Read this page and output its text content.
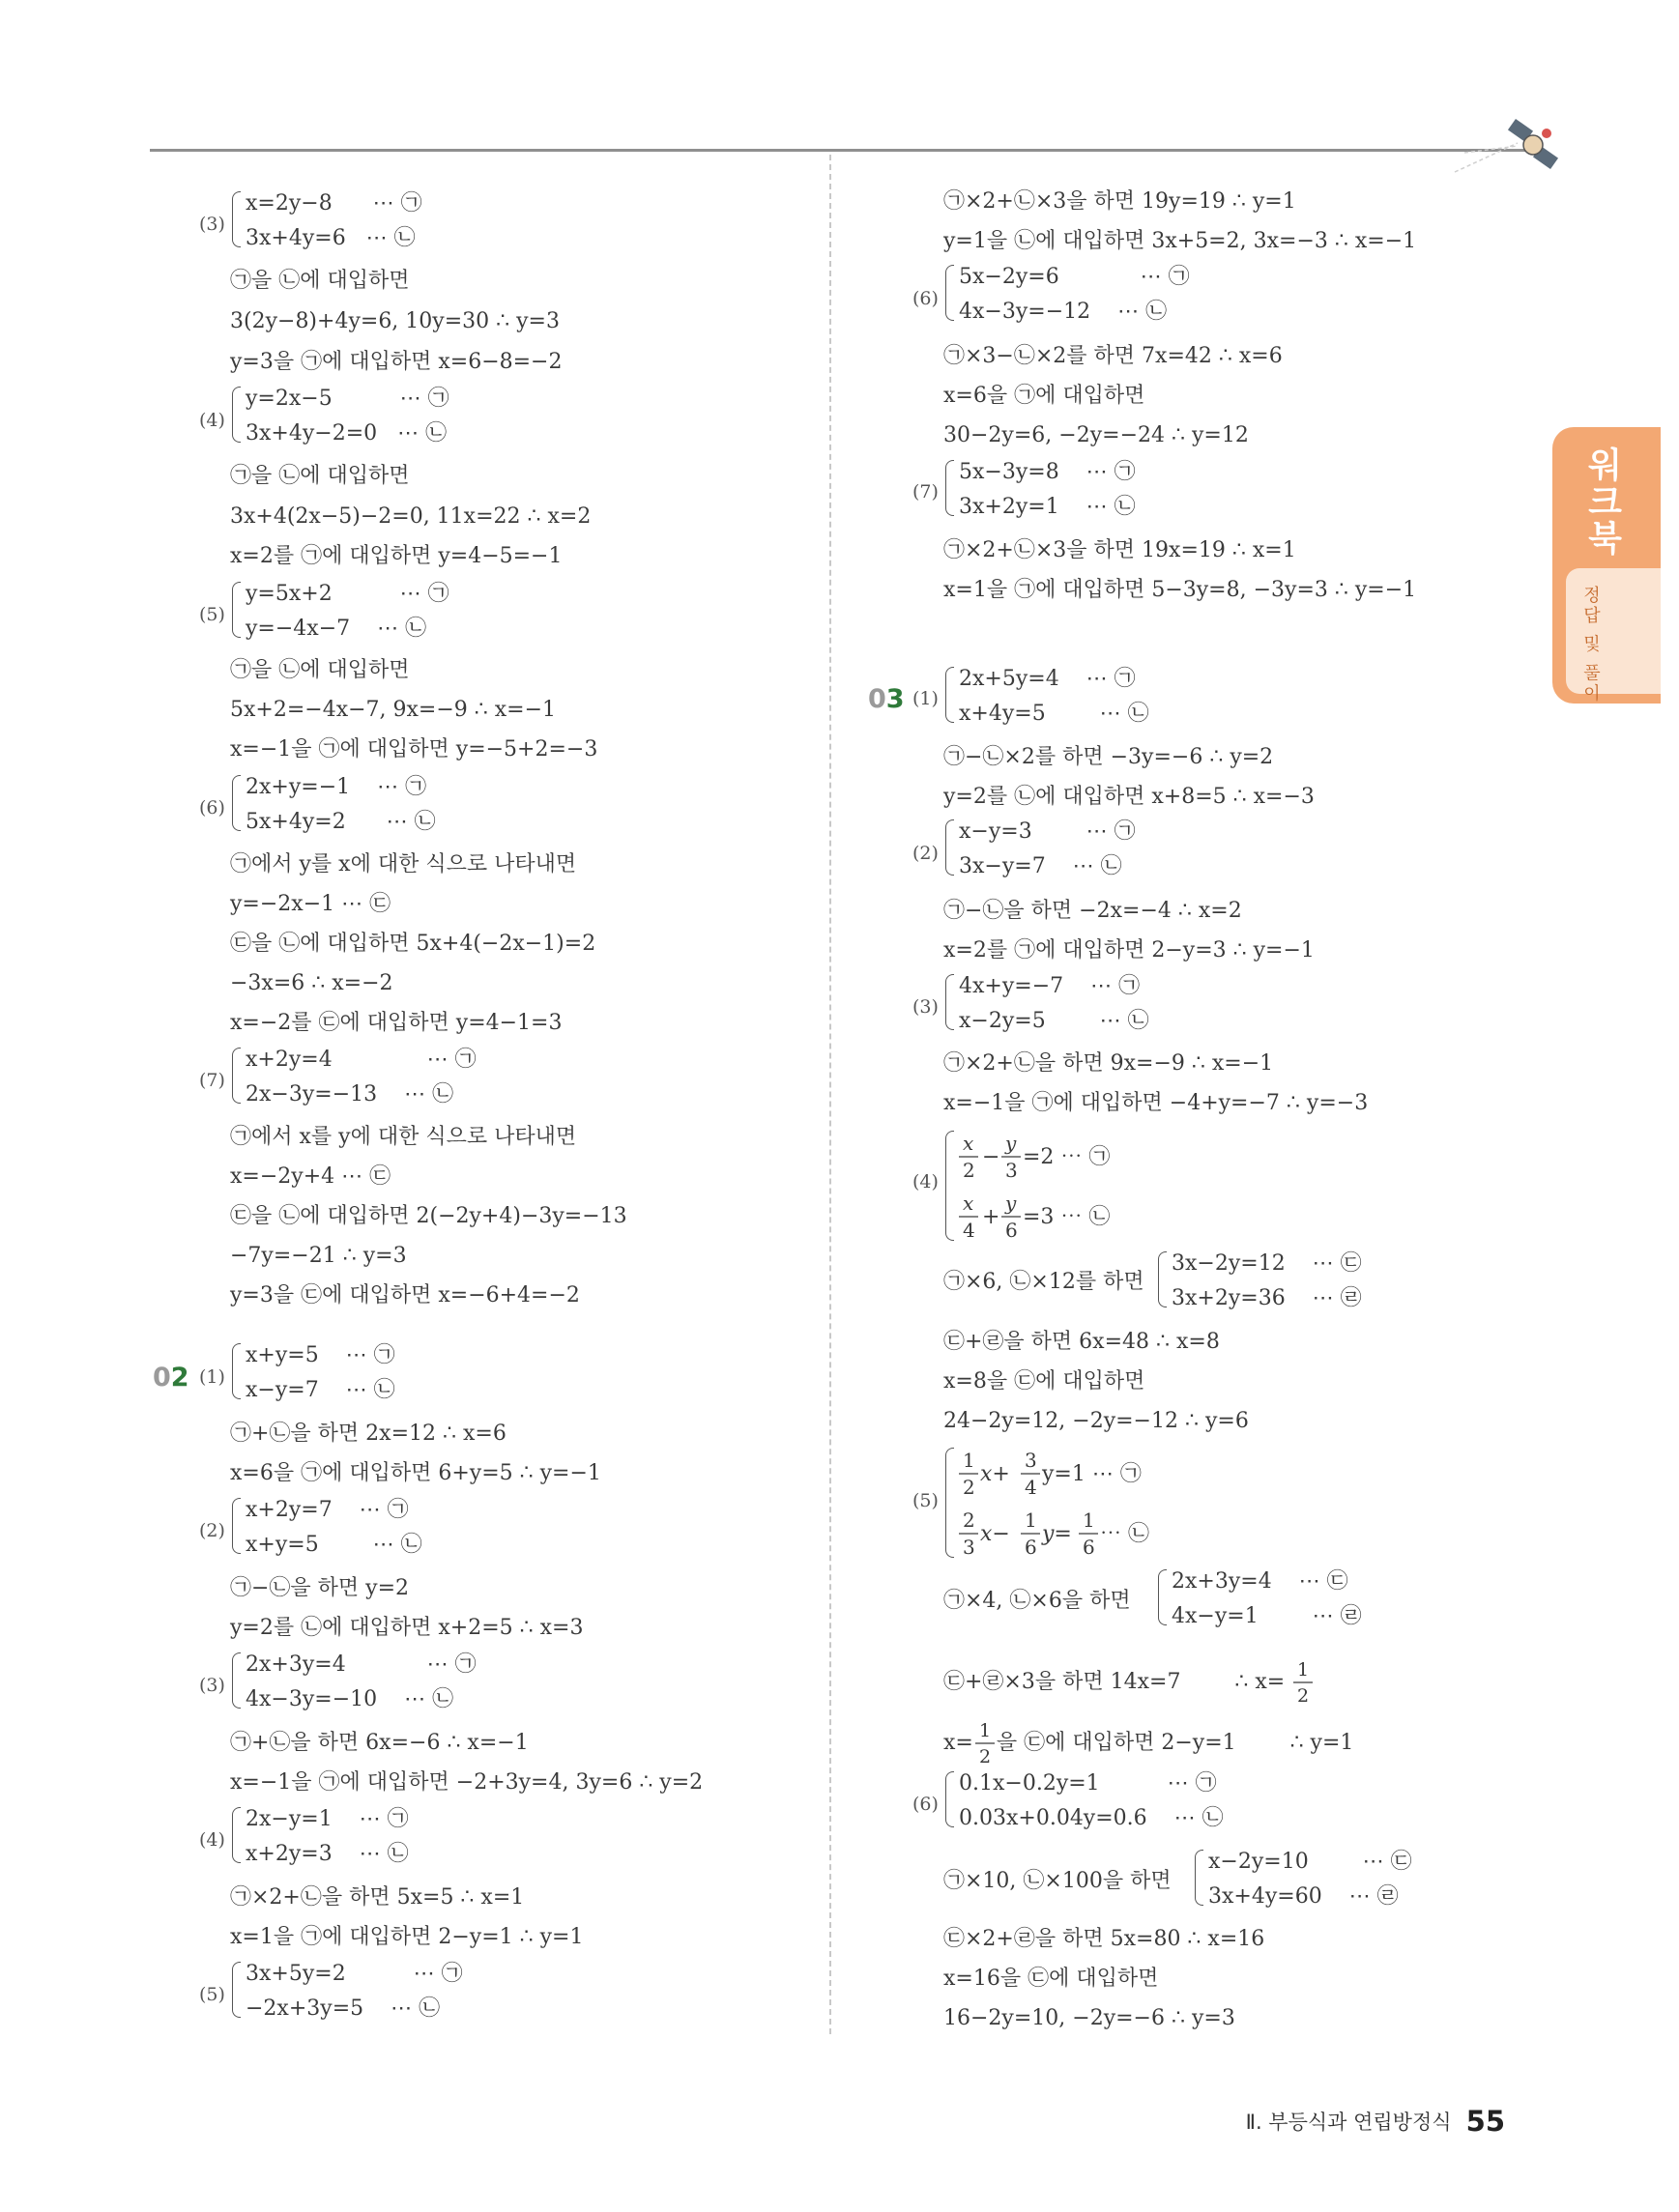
(3)
x=2y−8      ⋯ ㉠
3x+4y=6   ⋯ ㉡
㉠을 ㉡에 대입하면
3(2y−8)+4y=6, 10y=30 ∴ y=3
y=3을 ㉠에 대입하면 x=6−8=−2
(4)
y=2x−5          ⋯ ㉠
3x+4y−2=0   ⋯ ㉡
㉠을 ㉡에 대입하면
3x+4(2x−5)−2=0, 11x=22 ∴ x=2
x=2를 ㉠에 대입하면 y=4−5=−1
(5)
y=5x+2          ⋯ ㉠
y=−4x−7    ⋯ ㉡
㉠을 ㉡에 대입하면
5x+2=−4x−7, 9x=−9 ∴ x=−1
x=−1을 ㉠에 대입하면 y=−5+2=−3
(6)
2x+y=−1    ⋯ ㉠
5x+4y=2      ⋯ ㉡
㉠에서 y를 x에 대한 식으로 나타내면
y=−2x−1 ⋯ ㉢
㉢을 ㉡에 대입하면 5x+4(−2x−1)=2
−3x=6 ∴ x=−2
x=−2를 ㉢에 대입하면 y=4−1=3
(7)
x+2y=4              ⋯ ㉠
2x−3y=−13    ⋯ ㉡
㉠에서 x를 y에 대한 식으로 나타내면
x=−2y+4 ⋯ ㉢
㉢을 ㉡에 대입하면 2(−2y+4)−3y=−13
−7y=−21 ∴ y=3
y=3을 ㉢에 대입하면 x=−6+4=−2
02 (1)
x+y=5    ⋯ ㉠
x−y=7    ⋯ ㉡
㉠+㉡을 하면 2x=12 ∴ x=6
x=6을 ㉠에 대입하면 6+y=5 ∴ y=−1
(2)
x+2y=7    ⋯ ㉠
x+y=5        ⋯ ㉡
㉠−㉡을 하면 y=2
y=2를 ㉡에 대입하면 x+2=5 ∴ x=3
(3)
2x+3y=4            ⋯ ㉠
4x−3y=−10    ⋯ ㉡
㉠+㉡을 하면 6x=−6 ∴ x=−1
x=−1을 ㉠에 대입하면 −2+3y=4, 3y=6 ∴ y=2
(4)
2x−y=1    ⋯ ㉠
x+2y=3    ⋯ ㉡
㉠×2+㉡을 하면 5x=5 ∴ x=1
x=1을 ㉠에 대입하면 2−y=1 ∴ y=1
(5)
3x+5y=2          ⋯ ㉠
−2x+3y=5    ⋯ ㉡
㉠×2+㉡×3을 하면 19y=19 ∴ y=1
y=1을 ㉡에 대입하면 3x+5=2, 3x=−3 ∴ x=−1
(6)
5x−2y=6            ⋯ ㉠
4x−3y=−12    ⋯ ㉡
㉠×3−㉡×2를 하면 7x=42 ∴ x=6
x=6을 ㉠에 대입하면
30−2y=6, −2y=−24 ∴ y=12
(7)
5x−3y=8    ⋯ ㉠
3x+2y=1    ⋯ ㉡
㉠×2+㉡×3을 하면 19x=19 ∴ x=1
x=1을 ㉠에 대입하면 5−3y=8, −3y=3 ∴ y=−1
03 (1)
2x+5y=4    ⋯ ㉠
x+4y=5        ⋯ ㉡
㉠−㉡×2를 하면 −3y=−6 ∴ y=2
y=2를 ㉡에 대입하면 x+8=5 ∴ x=−3
(2)
x−y=3        ⋯ ㉠
3x−y=7    ⋯ ㉡
㉠−㉡을 하면 −2x=−4 ∴ x=2
x=2를 ㉠에 대입하면 2−y=3 ∴ y=−1
(3)
4x+y=−7    ⋯ ㉠
x−2y=5        ⋯ ㉡
㉠×2+㉡을 하면 9x=−9 ∴ x=−1
x=−1을 ㉠에 대입하면 −4+y=−7 ∴ y=−3
(4)
x
2
−
y
3
=2 ⋯ ㉠
x
4
+
y
6
=3 ⋯ ㉡
㉠×6, ㉡×12를 하면
3x−2y=12    ⋯ ㉢
3x+2y=36    ⋯ ㉣
㉢+㉣을 하면 6x=48 ∴ x=8
x=8을 ㉢에 대입하면
24−2y=12, −2y=−12 ∴ y=6
(5)
1
2
x+
3
4
y=1 ⋯ ㉠
2
3
x−
1
6
y=
1
6
⋯ ㉡
㉠×4, ㉡×6을 하면
2x+3y=4    ⋯ ㉢
4x−y=1        ⋯ ㉣
㉢+㉣×3을 하면 14x=7        ∴ x= 1
2
x= 1
2
을 ㉢에 대입하면 2−y=1        ∴ y=1
(6)
0.1x−0.2y=1          ⋯ ㉠
0.03x+0.04y=0.6    ⋯ ㉡
㉠×10, ㉡×100을 하면
x−2y=10        ⋯ ㉢
3x+4y=60    ⋯ ㉣
㉢×2+㉣을 하면 5x=80 ∴ x=16
x=16을 ㉢에 대입하면
16−2y=10, −2y=−6 ∴ y=3
워크북
정답 및 풀이
Ⅱ. 부등식과 연립방정식 55
